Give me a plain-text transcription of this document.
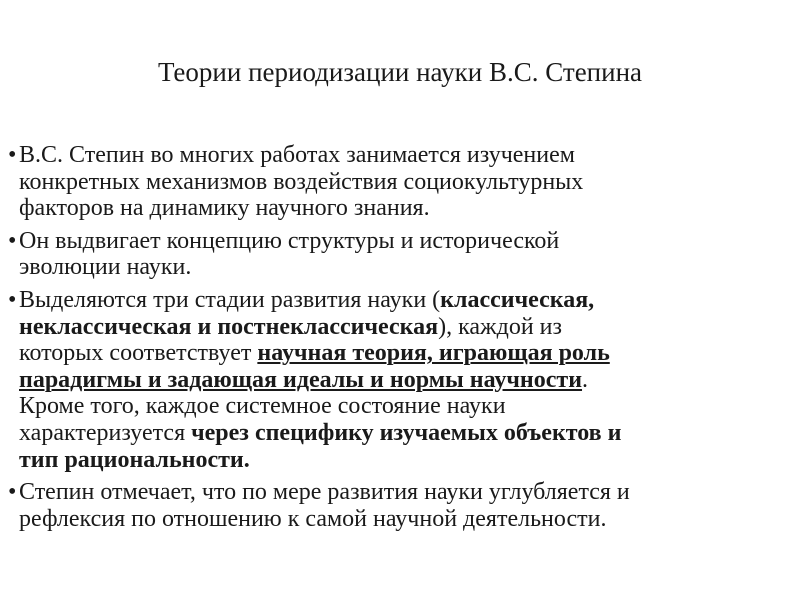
Теории периодизации науки В.С. Степина
• В.С. Степин во многих работах занимается изучением
конкретных механизмов воздействия социокультурных
факторов на динамику научного знания.
• Он выдвигает концепцию структуры и исторической
эволюции науки.
• Выделяются три стадии развития науки (классическая,
неклассическая и постнеклассическая), каждой из
которых соответствует научная теория, играющая роль
парадигмы и задающая идеалы и нормы научности.
Кроме того, каждое системное состояние науки
характеризуется через специфику изучаемых объектов и
тип рациональности.
• Степин отмечает, что по мере развития науки углубляется и
рефлексия по отношению к самой научной деятельности.
